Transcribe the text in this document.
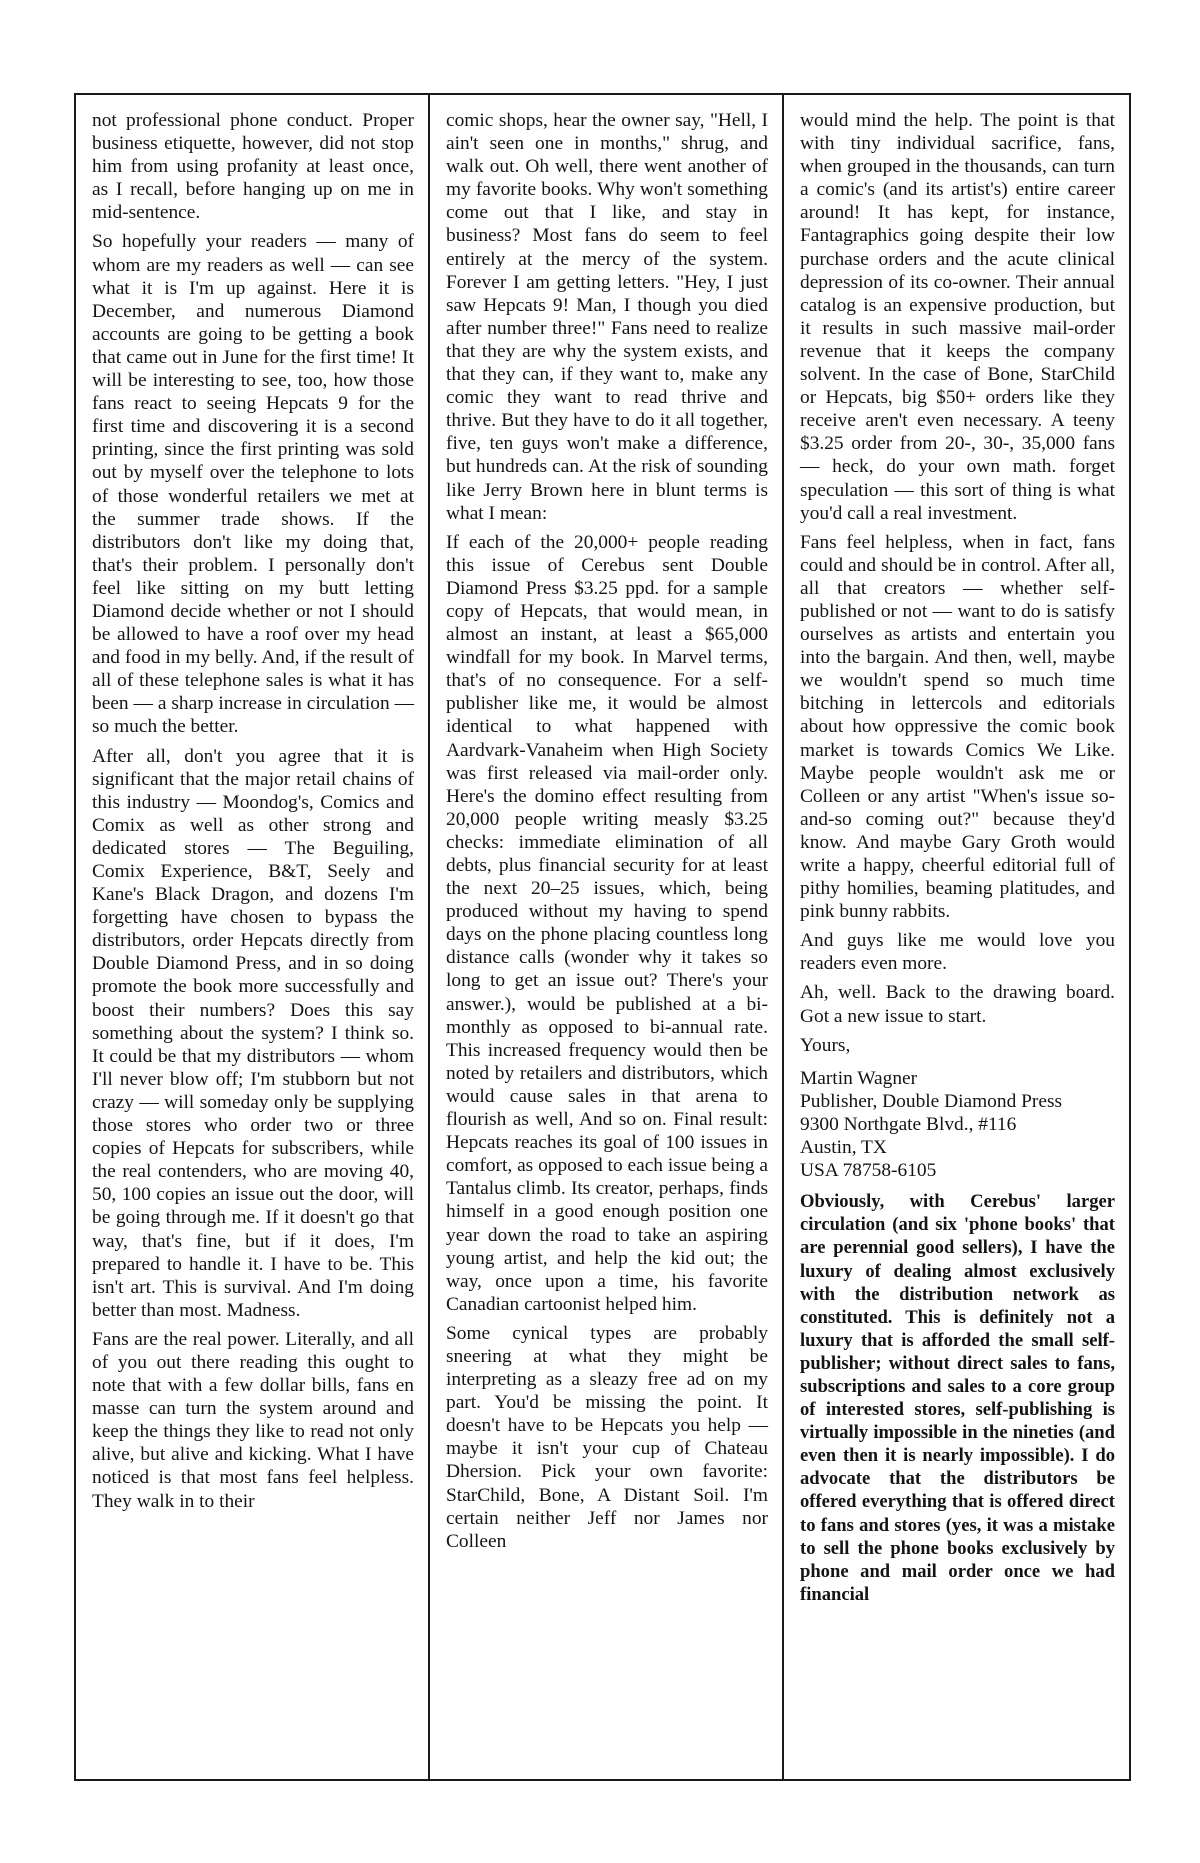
not professional phone conduct. Proper business etiquette, however, did not stop him from using profanity at least once, as I recall, before hanging up on me in mid-sentence.

So hopefully your readers — many of whom are my readers as well — can see what it is I'm up against. Here it is December, and numerous Diamond accounts are going to be getting a book that came out in June for the first time! It will be interesting to see, too, how those fans react to seeing Hepcats 9 for the first time and discovering it is a second printing, since the first printing was sold out by myself over the telephone to lots of those wonderful retailers we met at the summer trade shows. If the distributors don't like my doing that, that's their problem. I personally don't feel like sitting on my butt letting Diamond decide whether or not I should be allowed to have a roof over my head and food in my belly. And, if the result of all of these telephone sales is what it has been — a sharp increase in circulation — so much the better.

After all, don't you agree that it is significant that the major retail chains of this industry — Moondog's, Comics and Comix as well as other strong and dedicated stores — The Beguiling, Comix Experience, B&T, Seely and Kane's Black Dragon, and dozens I'm forgetting have chosen to bypass the distributors, order Hepcats directly from Double Diamond Press, and in so doing promote the book more successfully and boost their numbers? Does this say something about the system? I think so. It could be that my distributors — whom I'll never blow off; I'm stubborn but not crazy — will someday only be supplying those stores who order two or three copies of Hepcats for subscribers, while the real contenders, who are moving 40, 50, 100 copies an issue out the door, will be going through me. If it doesn't go that way, that's fine, but if it does, I'm prepared to handle it. I have to be. This isn't art. This is survival. And I'm doing better than most. Madness.

Fans are the real power. Literally, and all of you out there reading this ought to note that with a few dollar bills, fans en masse can turn the system around and keep the things they like to read not only alive, but alive and kicking. What I have noticed is that most fans feel helpless. They walk in to their

comic shops, hear the owner say, "Hell, I ain't seen one in months," shrug, and walk out. Oh well, there went another of my favorite books. Why won't something come out that I like, and stay in business? Most fans do seem to feel entirely at the mercy of the system. Forever I am getting letters. "Hey, I just saw Hepcats 9! Man, I though you died after number three!" Fans need to realize that they are why the system exists, and that they can, if they want to, make any comic they want to read thrive and thrive. But they have to do it all together, five, ten guys won't make a difference, but hundreds can. At the risk of sounding like Jerry Brown here in blunt terms is what I mean:

If each of the 20,000+ people reading this issue of Cerebus sent Double Diamond Press $3.25 ppd. for a sample copy of Hepcats, that would mean, in almost an instant, at least a $65,000 windfall for my book. In Marvel terms, that's of no consequence. For a self-publisher like me, it would be almost identical to what happened with Aardvark-Vanaheim when High Society was first released via mail-order only. Here's the domino effect resulting from 20,000 people writing measly $3.25 checks: immediate elimination of all debts, plus financial security for at least the next 20–25 issues, which, being produced without my having to spend days on the phone placing countless long distance calls (wonder why it takes so long to get an issue out? There's your answer.), would be published at a bi-monthly as opposed to bi-annual rate. This increased frequency would then be noted by retailers and distributors, which would cause sales in that arena to flourish as well, And so on. Final result: Hepcats reaches its goal of 100 issues in comfort, as opposed to each issue being a Tantalus climb. Its creator, perhaps, finds himself in a good enough position one year down the road to take an aspiring young artist, and help the kid out; the way, once upon a time, his favorite Canadian cartoonist helped him.

Some cynical types are probably sneering at what they might be interpreting as a sleazy free ad on my part. You'd be missing the point. It doesn't have to be Hepcats you help — maybe it isn't your cup of Chateau Dhersion. Pick your own favorite: StarChild, Bone, A Distant Soil. I'm certain neither Jeff nor James nor Colleen

would mind the help. The point is that with tiny individual sacrifice, fans, when grouped in the thousands, can turn a comic's (and its artist's) entire career around! It has kept, for instance, Fantagraphics going despite their low purchase orders and the acute clinical depression of its co-owner. Their annual catalog is an expensive production, but it results in such massive mail-order revenue that it keeps the company solvent. In the case of Bone, StarChild or Hepcats, big $50+ orders like they receive aren't even necessary. A teeny $3.25 order from 20-, 30-, 35,000 fans — heck, do your own math. forget speculation — this sort of thing is what you'd call a real investment.

Fans feel helpless, when in fact, fans could and should be in control. After all, all that creators — whether self-published or not — want to do is satisfy ourselves as artists and entertain you into the bargain. And then, well, maybe we wouldn't spend so much time bitching in lettercols and editorials about how oppressive the comic book market is towards Comics We Like. Maybe people wouldn't ask me or Colleen or any artist "When's issue so-and-so coming out?" because they'd know. And maybe Gary Groth would write a happy, cheerful editorial full of pithy homilies, beaming platitudes, and pink bunny rabbits.

And guys like me would love you readers even more.

Ah, well. Back to the drawing board. Got a new issue to start.

Yours,

Martin Wagner

Publisher, Double Diamond Press

9300 Northgate Blvd., #116

Austin, TX

USA 78758-6105

Obviously, with Cerebus' larger circulation (and six 'phone books' that are perennial good sellers), I have the luxury of dealing almost exclusively with the distribution network as constituted. This is definitely not a luxury that is afforded the small self-publisher; without direct sales to fans, subscriptions and sales to a core group of interested stores, self-publishing is virtually impossible in the nineties (and even then it is nearly impossible). I do advocate that the distributors be offered everything that is offered direct to fans and stores (yes, it was a mistake to sell the phone books exclusively by phone and mail order once we had financial
